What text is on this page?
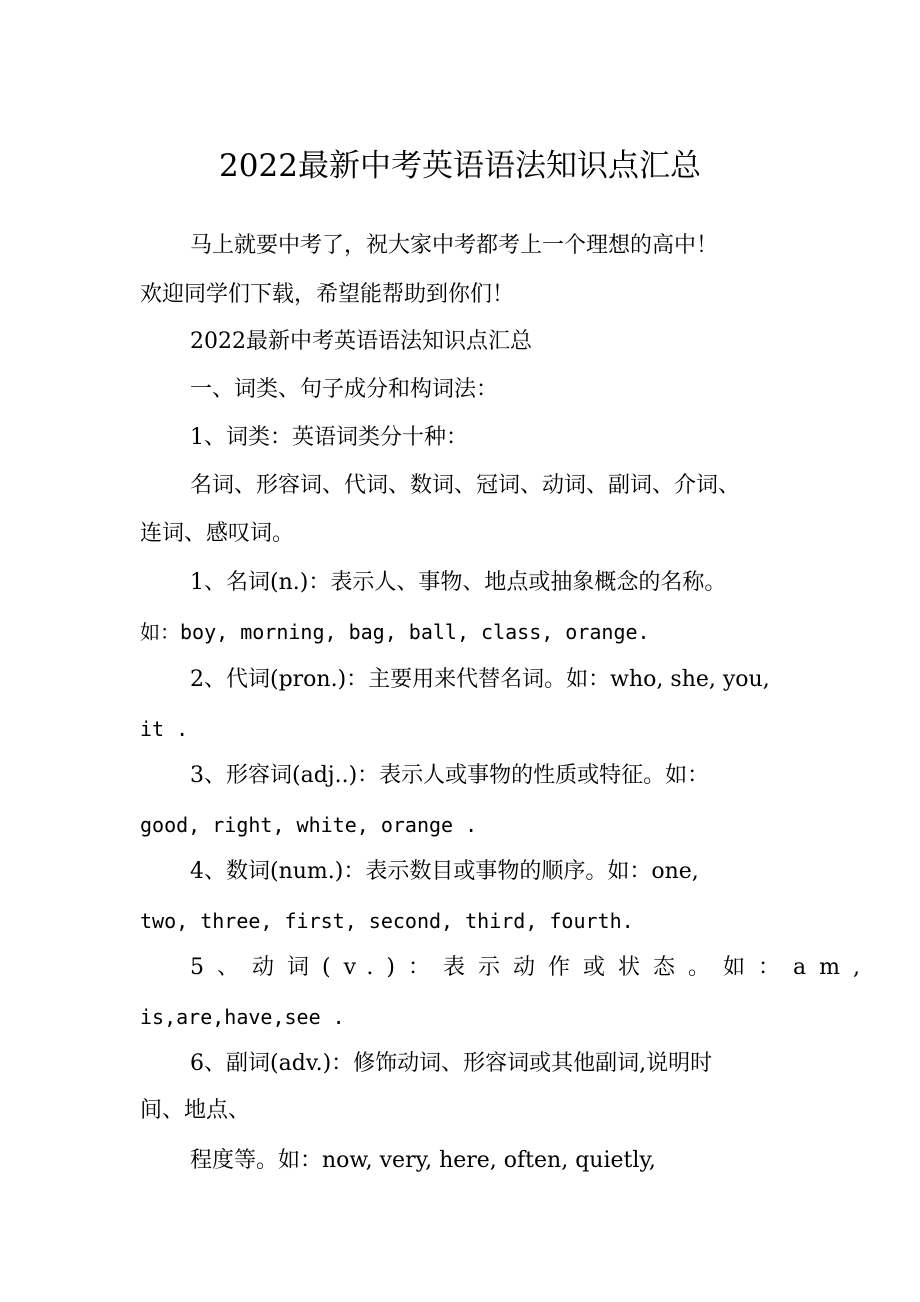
2022最新中考英语语法知识点汇总
马上就要中考了，祝大家中考都考上一个理想的高中！
欢迎同学们下载，希望能帮助到你们！
2022最新中考英语语法知识点汇总
一、词类、句子成分和构词法：
1、词类：英语词类分十种：
名词、形容词、代词、数词、冠词、动词、副词、介词、
连词、感叹词。
1、名词(n.)：表示人、事物、地点或抽象概念的名称。
如：boy, morning, bag, ball, class, orange.
2、代词(pron.)：主要用来代替名词。如：who, she, you,
it .
3、形容词(adj..)：表示人或事物的性质或特征。如：
good, right, white, orange .
4、数词(num.)：表示数目或事物的顺序。如：one,
two, three, first, second, third, fourth.
5、动词(v.)：表示动作或状态。如：am,
is,are,have,see .
6、副词(adv.)：修饰动词、形容词或其他副词,说明时
间、地点、
程度等。如：now, very, here, often, quietly,
